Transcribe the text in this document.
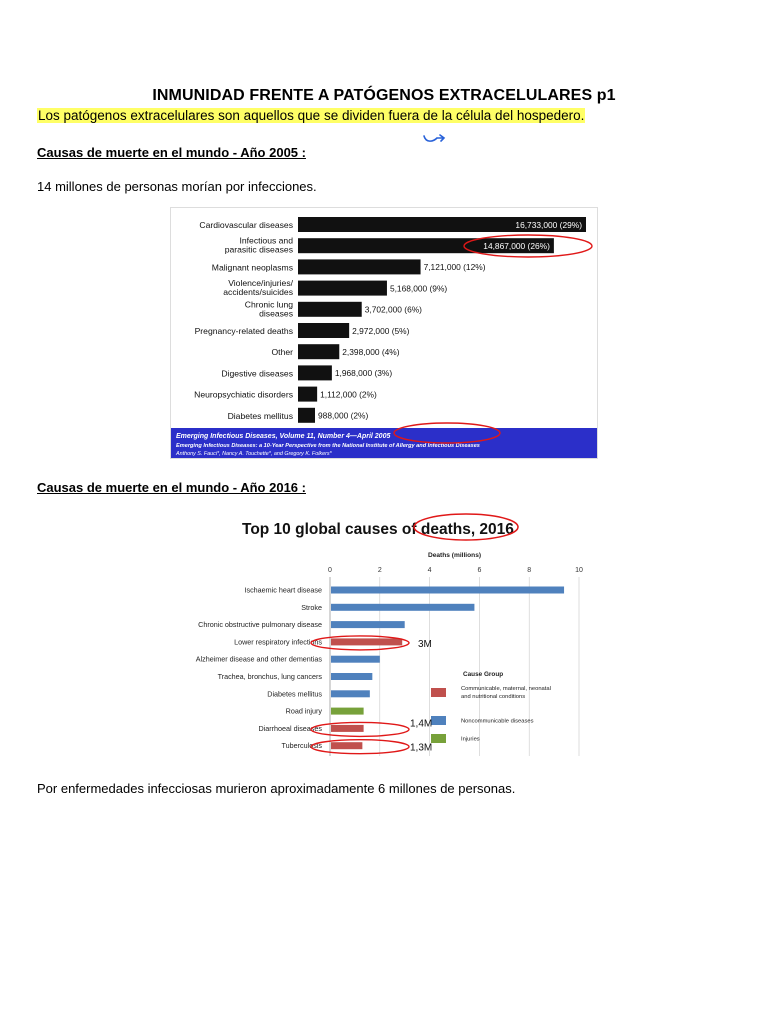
INMUNIDAD FRENTE A PATÓGENOS EXTRACELULARES p1
Los patógenos extracelulares son aquellos que se dividen fuera de la célula del hospedero.
Causas de muerte en el mundo - Año 2005 :
14 millones de personas morían por infecciones.
Cardiovascular diseases	16,733,000 (29%)
Infectious and parasitic diseases	14,867,000 (26%)
Malignant neoplasms	7,121,000 (12%)
Violence/injuries/ accidents/suicides	5,168,000 (9%)
Chronic lung diseases	3,702,000 (6%)
Pregnancy-related deaths	2,972,000 (5%)
Other	2,398,000 (4%)
Digestive diseases	1,968,000 (3%)
Neuropsychiatic disorders	1,112,000 (2%)
Diabetes mellitus	988,000 (2%)
Emerging Infectious Diseases, Volume 11, Number 4—April 2005
Emerging Infectious Diseases: a 10-Year Perspective from the National Institute of Allergy and Infectious Diseases
Anthony S. Fauci*, Nancy A. Touchette*, and Gregory K. Folkers*
Causas de muerte en el mundo - Año 2016 :
Top 10 global causes of deaths, 2016
Deaths (millions)
0	2	4	6	8	10
Ischaemic heart disease
Stroke
Chronic obstructive pulmonary disease
Lower respiratory infections
Alzheimer disease and other dementias
Trachea, bronchus, lung cancers
Diabetes mellitus
Road injury
Diarrhoeal diseases
Tuberculosis
Cause Group
Communicable, maternal, neonatal and nutritional conditions
Noncommunicable diseases
Injuries
3M
1,4M
1,3M
Por enfermedades infecciosas murieron aproximadamente 6 millones de personas.
